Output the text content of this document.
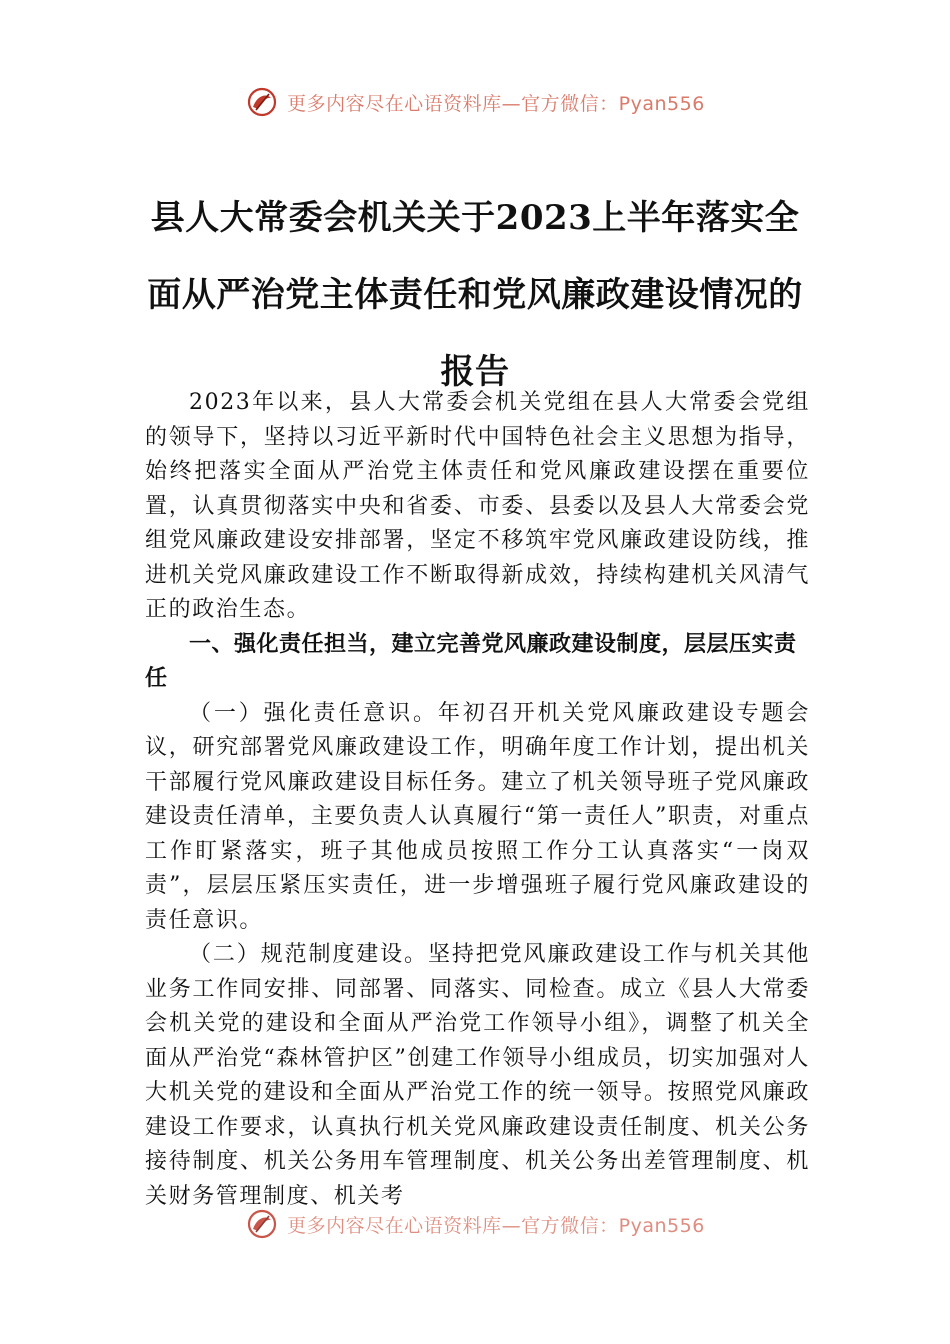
更多内容尽在心语资料库—官方微信：Pyan556
县人大常委会机关关于2023上半年落实全面从严治党主体责任和党风廉政建设情况的报告

2023年以来，县人大常委会机关党组在县人大常委会党组的领导下，坚持以习近平新时代中国特色社会主义思想为指导，始终把落实全面从严治党主体责任和党风廉政建设摆在重要位置，认真贯彻落实中央和省委、市委、县委以及县人大常委会党组党风廉政建设安排部署，坚定不移筑牢党风廉政建设防线，推进机关党风廉政建设工作不断取得新成效，持续构建机关风清气正的政治生态。

一、强化责任担当，建立完善党风廉政建设制度，层层压实责任

（一）强化责任意识。年初召开机关党风廉政建设专题会议，研究部署党风廉政建设工作，明确年度工作计划，提出机关干部履行党风廉政建设目标任务。建立了机关领导班子党风廉政建设责任清单，主要负责人认真履行“第一责任人”职责，对重点工作盯紧落实，班子其他成员按照工作分工认真落实“一岗双责”，层层压紧压实责任，进一步增强班子履行党风廉政建设的责任意识。

（二）规范制度建设。坚持把党风廉政建设工作与机关其他业务工作同安排、同部署、同落实、同检查。成立《县人大常委会机关党的建设和全面从严治党工作领导小组》，调整了机关全面从严治党“森林管护区”创建工作领导小组成员，切实加强对人大机关党的建设和全面从严治党工作的统一领导。按照党风廉政建设工作要求，认真执行机关党风廉政建设责任制度、机关公务接待制度、机关公务用车管理制度、机关公务出差管理制度、机关财务管理制度、机关考

更多内容尽在心语资料库—官方微信：Pyan556
